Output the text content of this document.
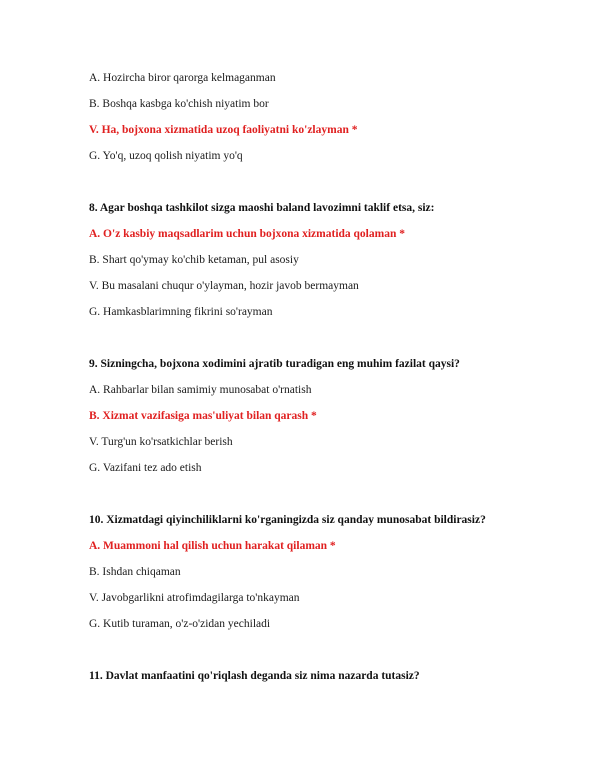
A. Hozircha biror qarorga kelmaganman
B. Boshqa kasbga ko'chish niyatim bor
V. Ha, bojxona xizmatida uzoq faoliyatni ko'zlayman *
G. Yo'q, uzoq qolish niyatim yo'q
8. Agar boshqa tashkilot sizga maoshi baland lavozimni taklif etsa, siz:
A. O'z kasbiy maqsadlarim uchun bojxona xizmatida qolaman *
B. Shart qo'ymay ko'chib ketaman, pul asosiy
V. Bu masalani chuqur o'ylayman, hozir javob bermayman
G. Hamkasblarimning fikrini so'rayman
9. Sizningcha, bojxona xodimini ajratib turadigan eng muhim fazilat qaysi?
A. Rahbarlar bilan samimiy munosabat o'rnatish
B. Xizmat vazifasiga mas'uliyat bilan qarash *
V. Turg'un ko'rsatkichlar berish
G. Vazifani tez ado etish
10. Xizmatdagi qiyinchiliklarni ko'rganingizda siz qanday munosabat bildirasiz?
A. Muammoni hal qilish uchun harakat qilaman *
B. Ishdan chiqaman
V. Javobgarlikni atrofimdagilarga to'nkayman
G. Kutib turaman, o'z-o'zidan yechiladi
11. Davlat manfaatini qo'riqlash deganda siz nima nazarda tutasiz?
